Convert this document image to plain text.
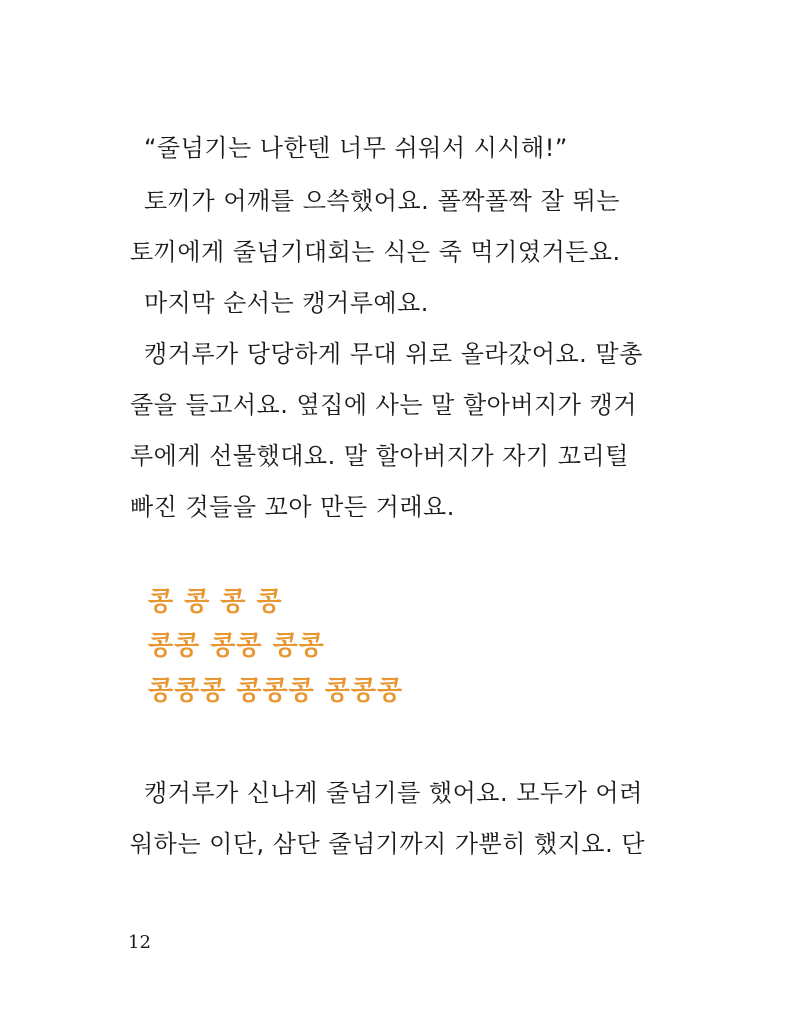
“줄넘기는 나한텐 너무 쉬워서 시시해!”
토끼가 어깨를 으쓱했어요. 폴짝폴짝 잘 뛰는
토끼에게 줄넘기대회는 식은 죽 먹기였거든요.
마지막 순서는 캥거루예요.
캥거루가 당당하게 무대 위로 올라갔어요. 말총
줄을 들고서요. 옆집에 사는 말 할아버지가 캥거
루에게 선물했대요. 말 할아버지가 자기 꼬리털
빠진 것들을 꼬아 만든 거래요.
콩 콩 콩 콩
콩콩 콩콩 콩콩
콩콩콩 콩콩콩 콩콩콩
캥거루가 신나게 줄넘기를 했어요. 모두가 어려
워하는 이단, 삼단 줄넘기까지 가뿐히 했지요. 단
12
